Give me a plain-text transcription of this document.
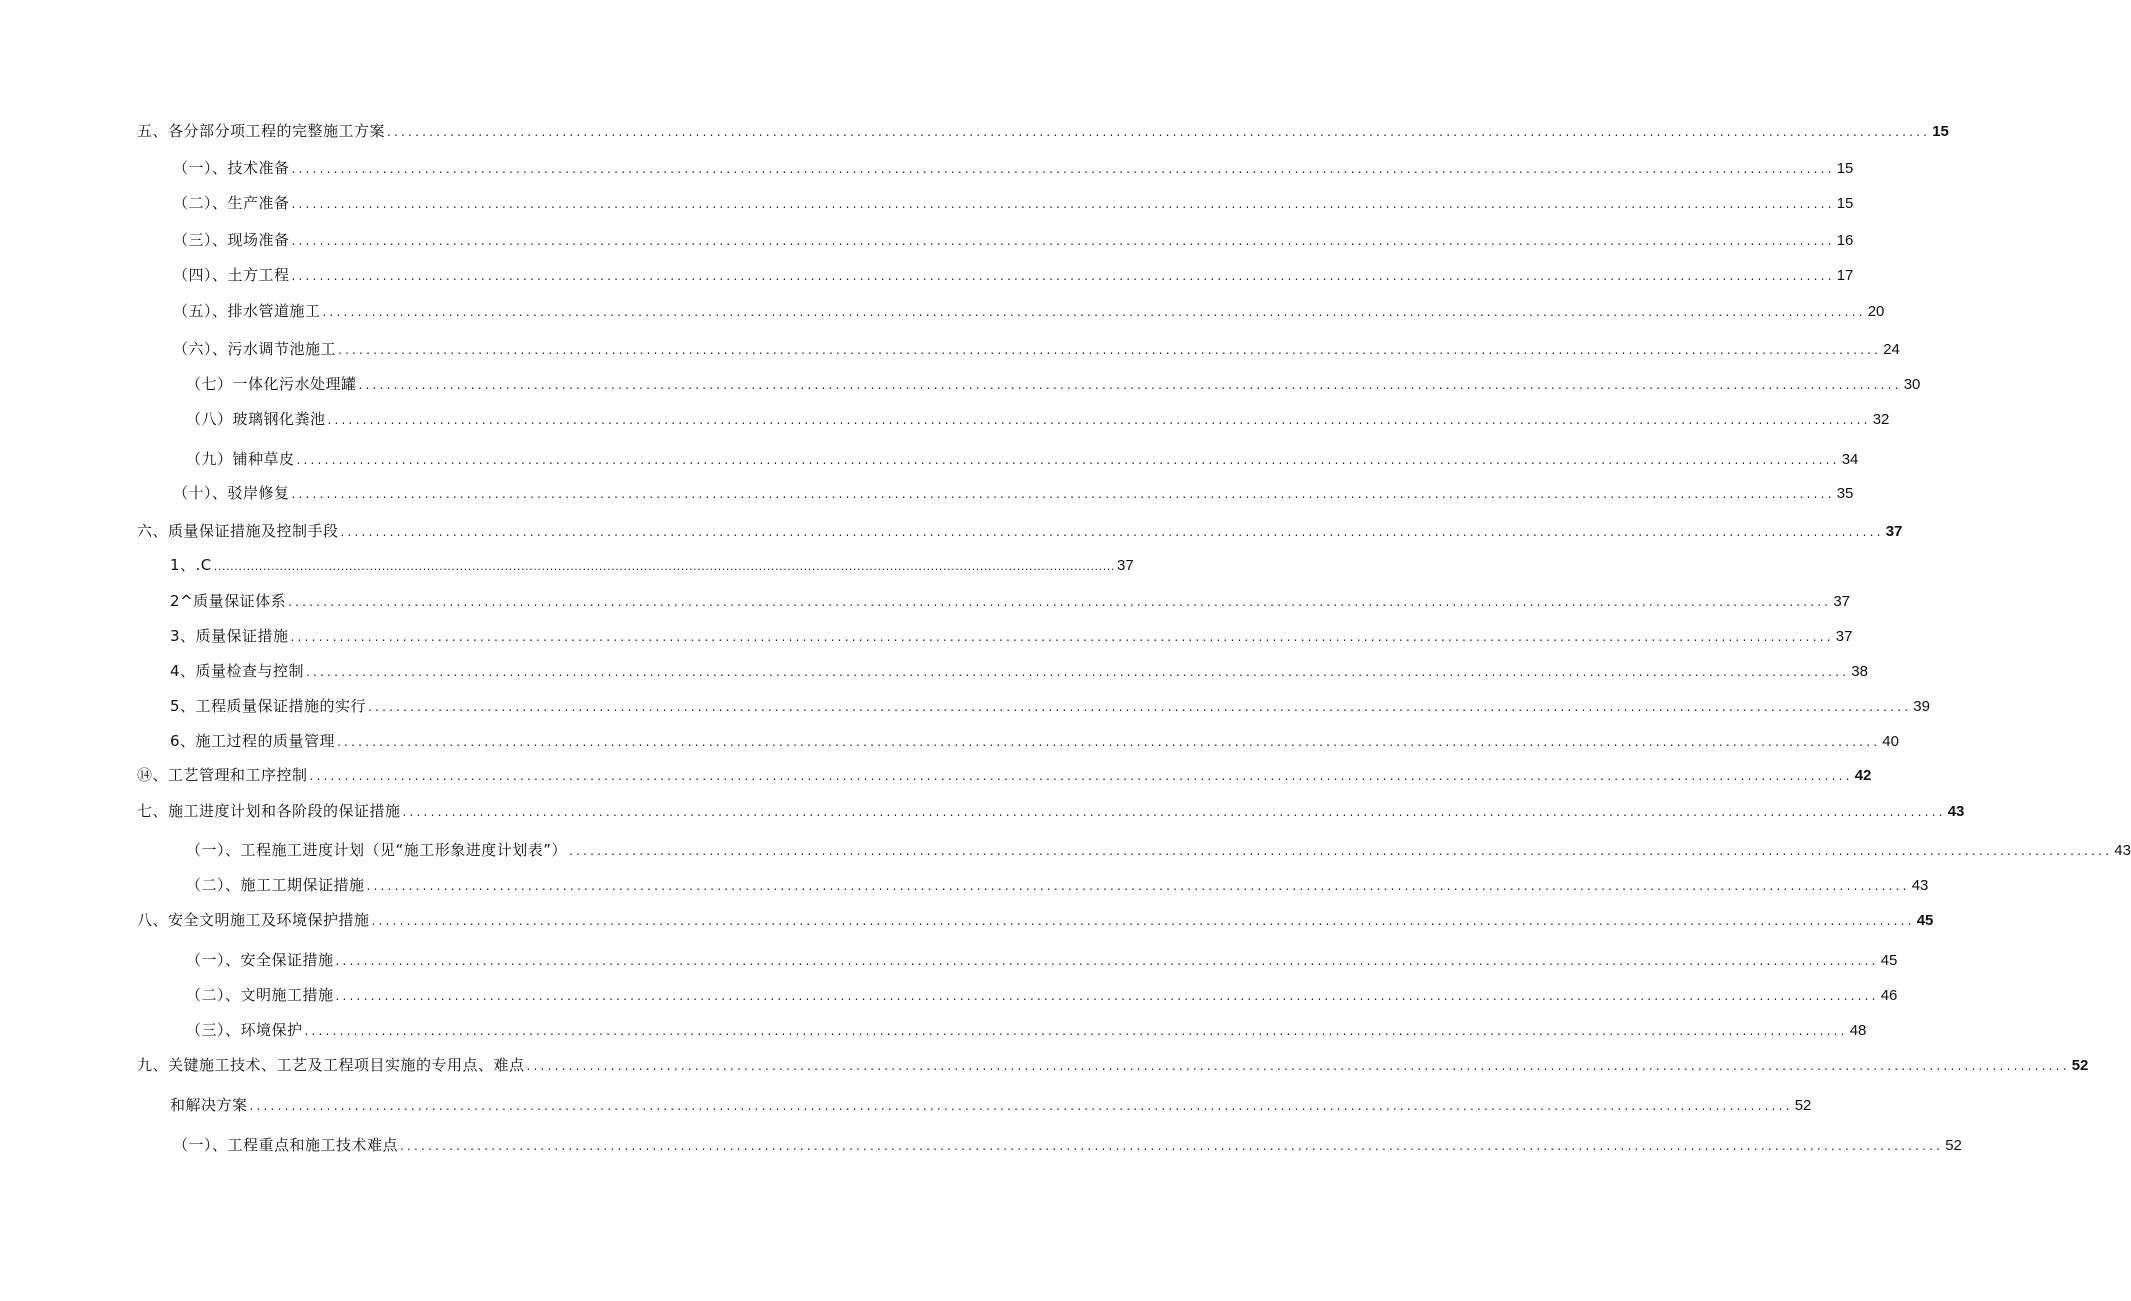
五、各分部分项工程的完整施工方案 ............................................................................................................................................................................................................................ 15
（一）、技术准备 ............................................................................................................................................................................................................................ 15
（二）、生产准备 ............................................................................................................................................................................................................................ 15
（三）、现场准备 ............................................................................................................................................................................................................................ 16
（四）、土方工程 ............................................................................................................................................................................................................................ 17
（五）、排水管道施工 ............................................................................................................................................................................................................................ 20
（六）、污水调节池施工 ............................................................................................................................................................................................................................ 24
（七）一体化污水处理罐 ............................................................................................................................................................................................................................ 30
（八）玻璃钢化粪池 ............................................................................................................................................................................................................................ 32
（九）铺种草皮 ............................................................................................................................................................................................................................ 34
（十）、驳岸修复 ............................................................................................................................................................................................................................ 35
六、质量保证措施及控制手段 ............................................................................................................................................................................................................................ 37
1、.C ............................................................................................................................................................................................................................ 37
2^质量保证体系 ............................................................................................................................................................................................................................ 37
3、质量保证措施 ............................................................................................................................................................................................................................ 37
4、质量检查与控制 ............................................................................................................................................................................................................................ 38
5、工程质量保证措施的实行 ............................................................................................................................................................................................................................ 39
6、施工过程的质量管理 ............................................................................................................................................................................................................................ 40
⑭、工艺管理和工序控制 ............................................................................................................................................................................................................................ 42
七、施工进度计划和各阶段的保证措施 ............................................................................................................................................................................................................................ 43
（一）、工程施工进度计划（见“施工形象进度计划表”） ............................................................................................................................................................................................................................ 43
（二）、施工工期保证措施 ............................................................................................................................................................................................................................ 43
八、安全文明施工及环境保护措施 ............................................................................................................................................................................................................................ 45
（一）、安全保证措施 ............................................................................................................................................................................................................................ 45
（二）、文明施工措施 ............................................................................................................................................................................................................................ 46
（三）、环境保护 ............................................................................................................................................................................................................................ 48
九、关键施工技术、工艺及工程项目实施的专用点、难点 ............................................................................................................................................................................................................................ 52
和解决方案 ............................................................................................................................................................................................................................ 52
（一）、工程重点和施工技术难点 ............................................................................................................................................................................................................................ 52
